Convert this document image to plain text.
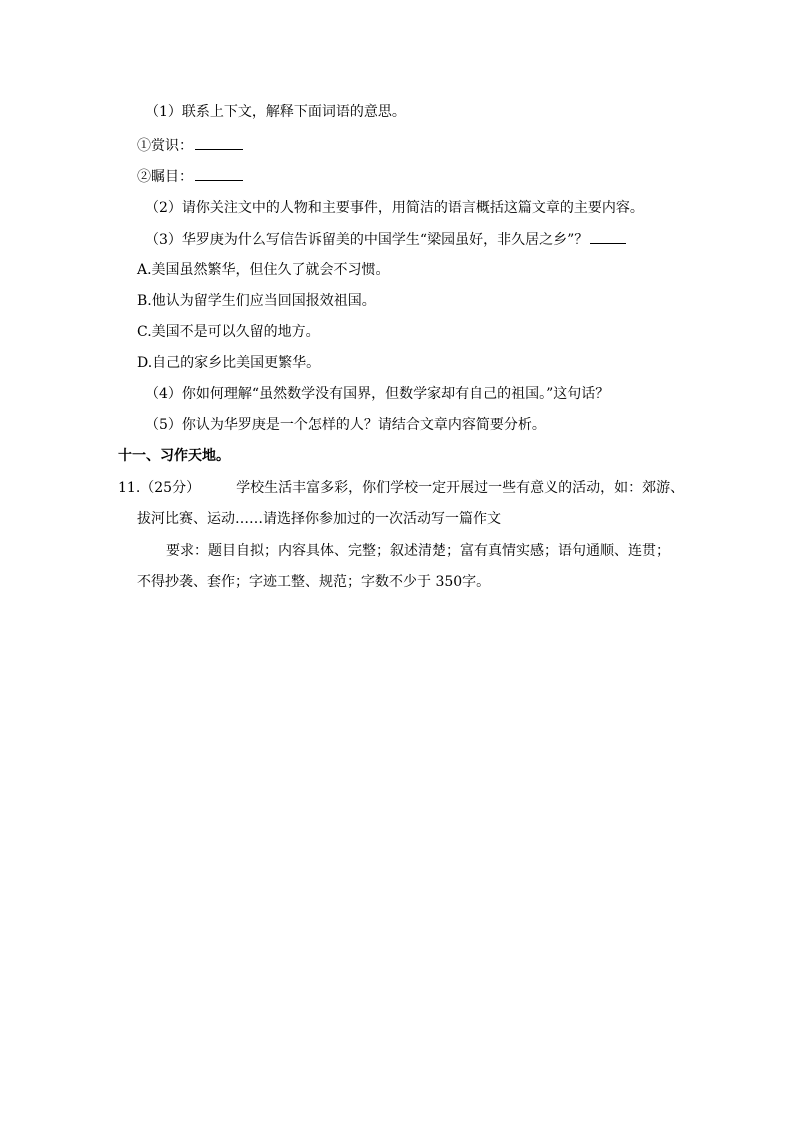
（1）联系上下文，解释下面词语的意思。
①赏识：
②瞩目：
（2）请你关注文中的人物和主要事件，用简洁的语言概括这篇文章的主要内容。
（3）华罗庚为什么写信告诉留美的中国学生“梁园虽好，非久居之乡”？
A.美国虽然繁华，但住久了就会不习惯。
B.他认为留学生们应当回国报效祖国。
C.美国不是可以久留的地方。
D.自己的家乡比美国更繁华。
（4）你如何理解“虽然数学没有国界，但数学家却有自己的祖国。”这句话？
（5）你认为华罗庚是一个怎样的人？请结合文章内容简要分析。
十一、习作天地。
11.（25分）	学校生活丰富多彩，你们学校一定开展过一些有意义的活动，如：郊游、
拔河比赛、运动……请选择你参加过的一次活动写一篇作文
要求：题目自拟；内容具体、完整；叙述清楚；富有真情实感；语句通顺、连贯；
不得抄袭、套作；字迹工整、规范；字数不少于 350字。
